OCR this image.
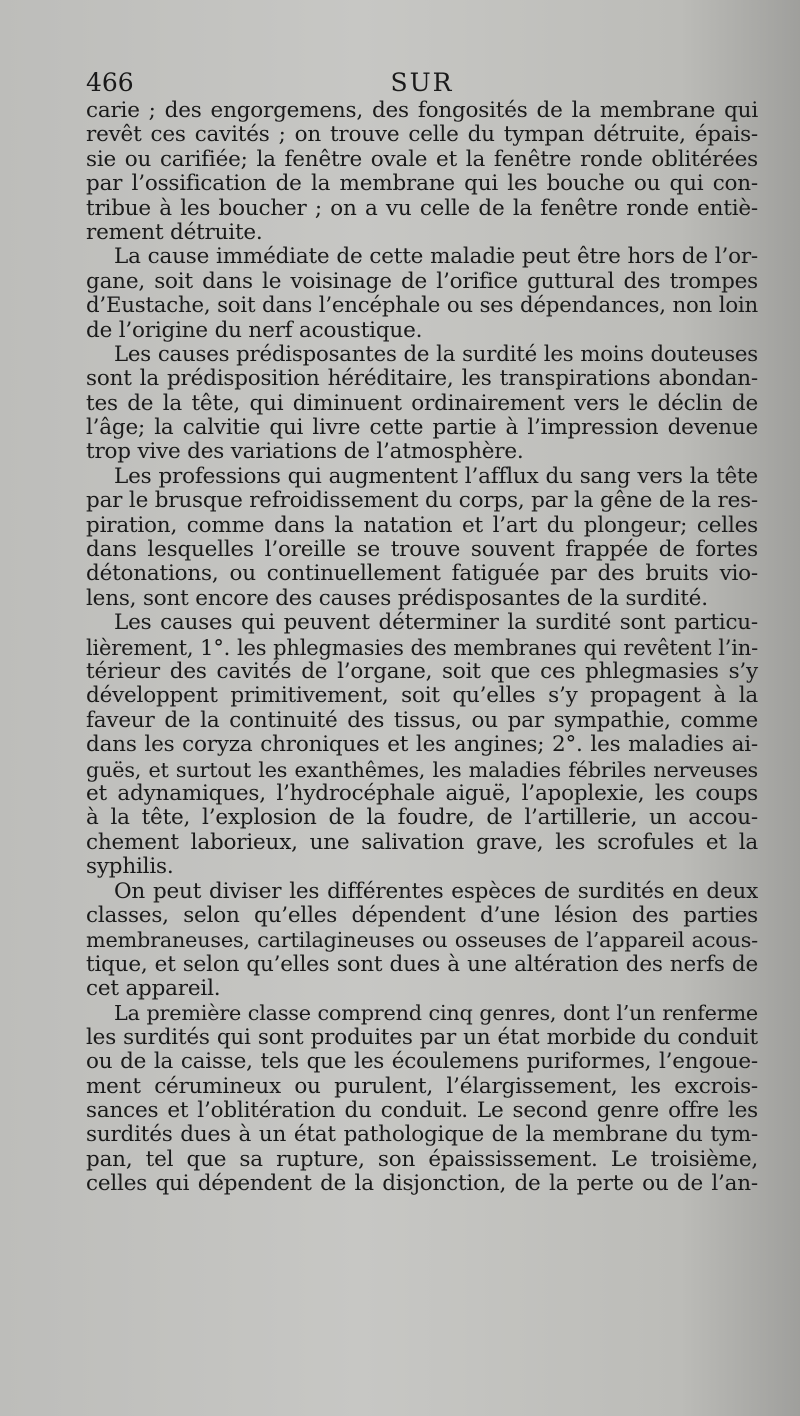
466	SUR
carie ; des engorgemens, des fongosités de la membrane qui
revêt ces cavités ; on trouve celle du tympan détruite, épais-
sie ou carifiée; la fenêtre ovale et la fenêtre ronde oblitérées
par l’ossification de la membrane qui les bouche ou qui con-
tribue à les boucher ; on a vu celle de la fenêtre ronde entiè-
rement détruite.
La cause immédiate de cette maladie peut être hors de l’or-
gane, soit dans le voisinage de l’orifice guttural des trompes
d’Eustache, soit dans l’encéphale ou ses dépendances, non loin
de l’origine du nerf acoustique.
Les causes prédisposantes de la surdité les moins douteuses
sont la prédisposition héréditaire, les transpirations abondan-
tes de la tête, qui diminuent ordinairement vers le déclin de
l’âge; la calvitie qui livre cette partie à l’impression devenue
trop vive des variations de l’atmosphère.
Les professions qui augmentent l’afflux du sang vers la tête
par le brusque refroidissement du corps, par la gêne de la res-
piration, comme dans la natation et l’art du plongeur; celles
dans lesquelles l’oreille se trouve souvent frappée de fortes
détonations, ou continuellement fatiguée par des bruits vio-
lens, sont encore des causes prédisposantes de la surdité.
Les causes qui peuvent déterminer la surdité sont particu-
lièrement, 1°. les phlegmasies des membranes qui revêtent l’in-
térieur des cavités de l’organe, soit que ces phlegmasies s’y
développent primitivement, soit qu’elles s’y propagent à la
faveur de la continuité des tissus, ou par sympathie, comme
dans les coryza chroniques et les angines; 2°. les maladies ai-
guës, et surtout les exanthêmes, les maladies fébriles nerveuses
et adynamiques, l’hydrocéphale aiguë, l’apoplexie, les coups
à la tête, l’explosion de la foudre, de l’artillerie, un accou-
chement laborieux, une salivation grave, les scrofules et la
syphilis.
On peut diviser les différentes espèces de surdités en deux
classes, selon qu’elles dépendent d’une lésion des parties
membraneuses, cartilagineuses ou osseuses de l’appareil acous-
tique, et selon qu’elles sont dues à une altération des nerfs de
cet appareil.
La première classe comprend cinq genres, dont l’un renferme
les surdités qui sont produites par un état morbide du conduit
ou de la caisse, tels que les écoulemens puriformes, l’engoue-
ment cérumineux ou purulent, l’élargissement, les excrois-
sances et l’oblitération du conduit. Le second genre offre les
surdités dues à un état pathologique de la membrane du tym-
pan, tel que sa rupture, son épaississement. Le troisième,
celles qui dépendent de la disjonction, de la perte ou de l’an-
